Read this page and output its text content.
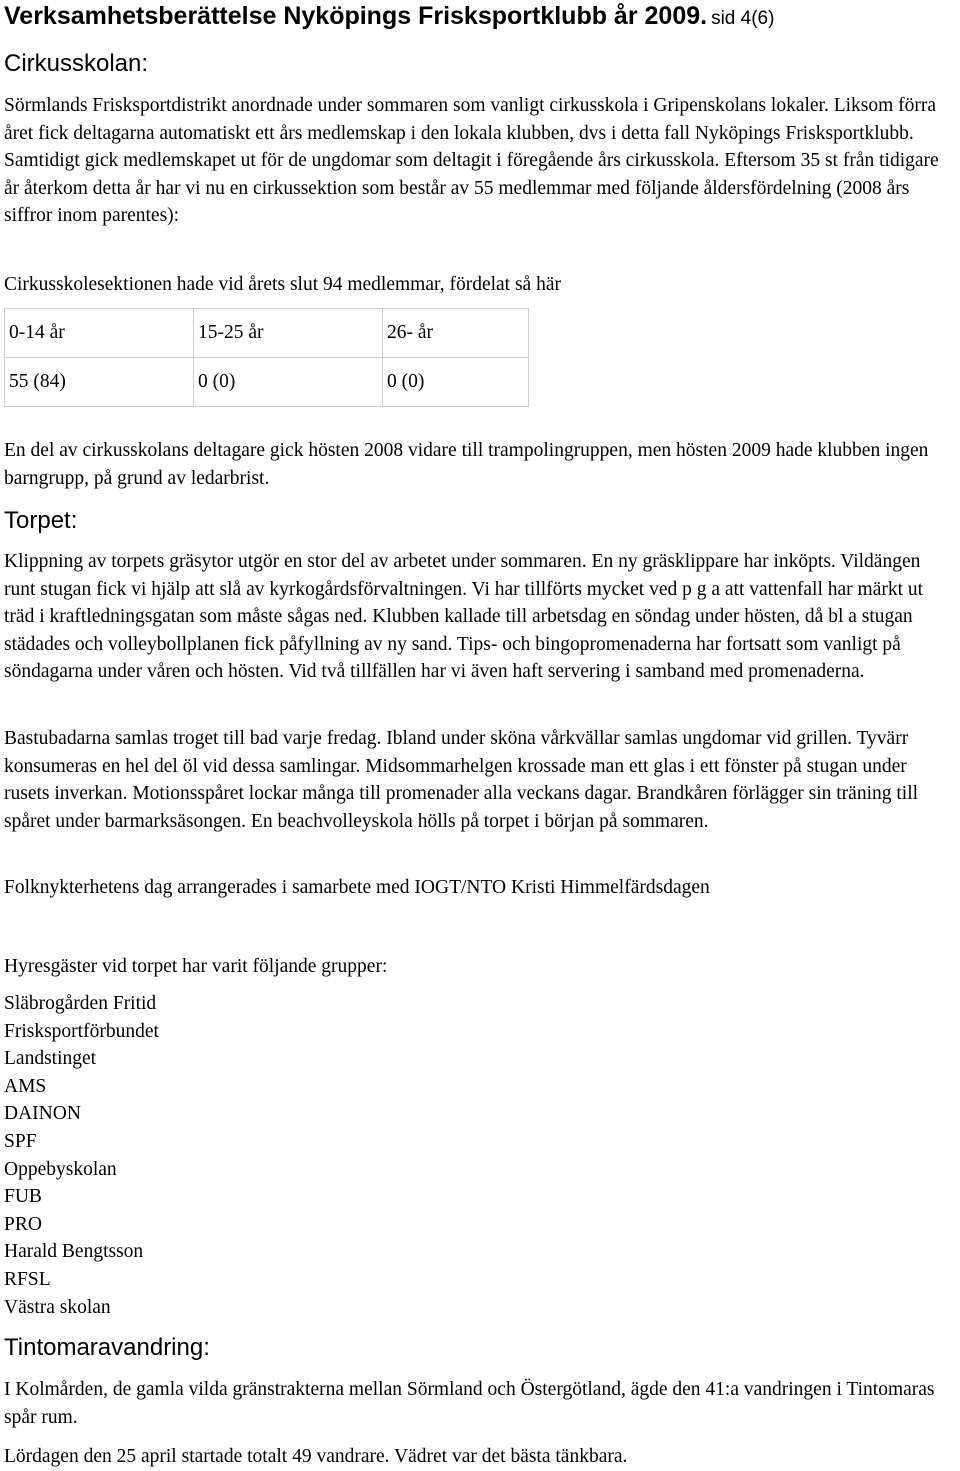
Verksamhetsberättelse Nyköpings Frisksportklubb år 2009. sid 4(6)
Cirkusskolan:

Sörmlands Frisksportdistrikt anordnade under sommaren som vanligt cirkusskola i Gripenskolans lokaler. Liksom förra året fick deltagarna automatiskt ett års medlemskap i den lokala klubben, dvs i detta fall Nyköpings Frisksportklubb. Samtidigt gick medlemskapet ut för de ungdomar som deltagit i föregående års cirkusskola. Eftersom 35 st från tidigare år återkom detta år har vi nu en cirkussektion som består av 55 medlemmar med följande åldersfördelning (2008 års siffror inom parentes):

Cirkusskolesektionen hade vid årets slut 94 medlemmar, fördelat så här

0-14 år	15-25 år	26- år
55 (84)	0 (0)	0 (0)

En del av cirkusskolans deltagare gick hösten 2008 vidare till trampolingruppen, men hösten 2009 hade klubben ingen barngrupp, på grund av ledarbrist.

Torpet:

Klippning av torpets gräsytor utgör en stor del av arbetet under sommaren. En ny gräsklippare har inköpts. Vildängen runt stugan fick vi hjälp att slå av kyrkogårdsförvaltningen. Vi har tillförts mycket ved p g a att vattenfall har märkt ut träd i kraftledningsgatan som måste sågas ned. Klubben kallade till arbetsdag en söndag under hösten, då bl a stugan städades och volleybollplanen fick påfyllning av ny sand. Tips- och bingopromenaderna har fortsatt som vanligt på söndagarna under våren och hösten. Vid två tillfällen har vi även haft servering i samband med promenaderna.

Bastubadarna samlas troget till bad varje fredag. Ibland under sköna vårkvällar samlas ungdomar vid grillen. Tyvärr konsumeras en hel del öl vid dessa samlingar. Midsommarhelgen krossade man ett glas i ett fönster på stugan under rusets inverkan. Motionsspåret lockar många till promenader alla veckans dagar. Brandkåren förlägger sin träning till spåret under barmarksäsongen. En beachvolleyskola hölls på torpet i början på sommaren.

Folknykterhetens dag arrangerades i samarbete med IOGT/NTO Kristi Himmelfärdsdagen

Hyresgäster vid torpet har varit följande grupper:

Släbrogården Fritid
Frisksportförbundet
Landstinget
AMS
DAINON
SPF
Oppebyskolan
FUB
PRO
Harald Bengtsson
RFSL
Västra skolan
Tintomaravandring:

I Kolmården, de gamla vilda gränstrakterna mellan Sörmland och Östergötland, ägde den 41:a vandringen i Tintomaras spår rum.

Lördagen den 25 april startade totalt 49 vandrare. Vädret var det bästa tänkbara.
